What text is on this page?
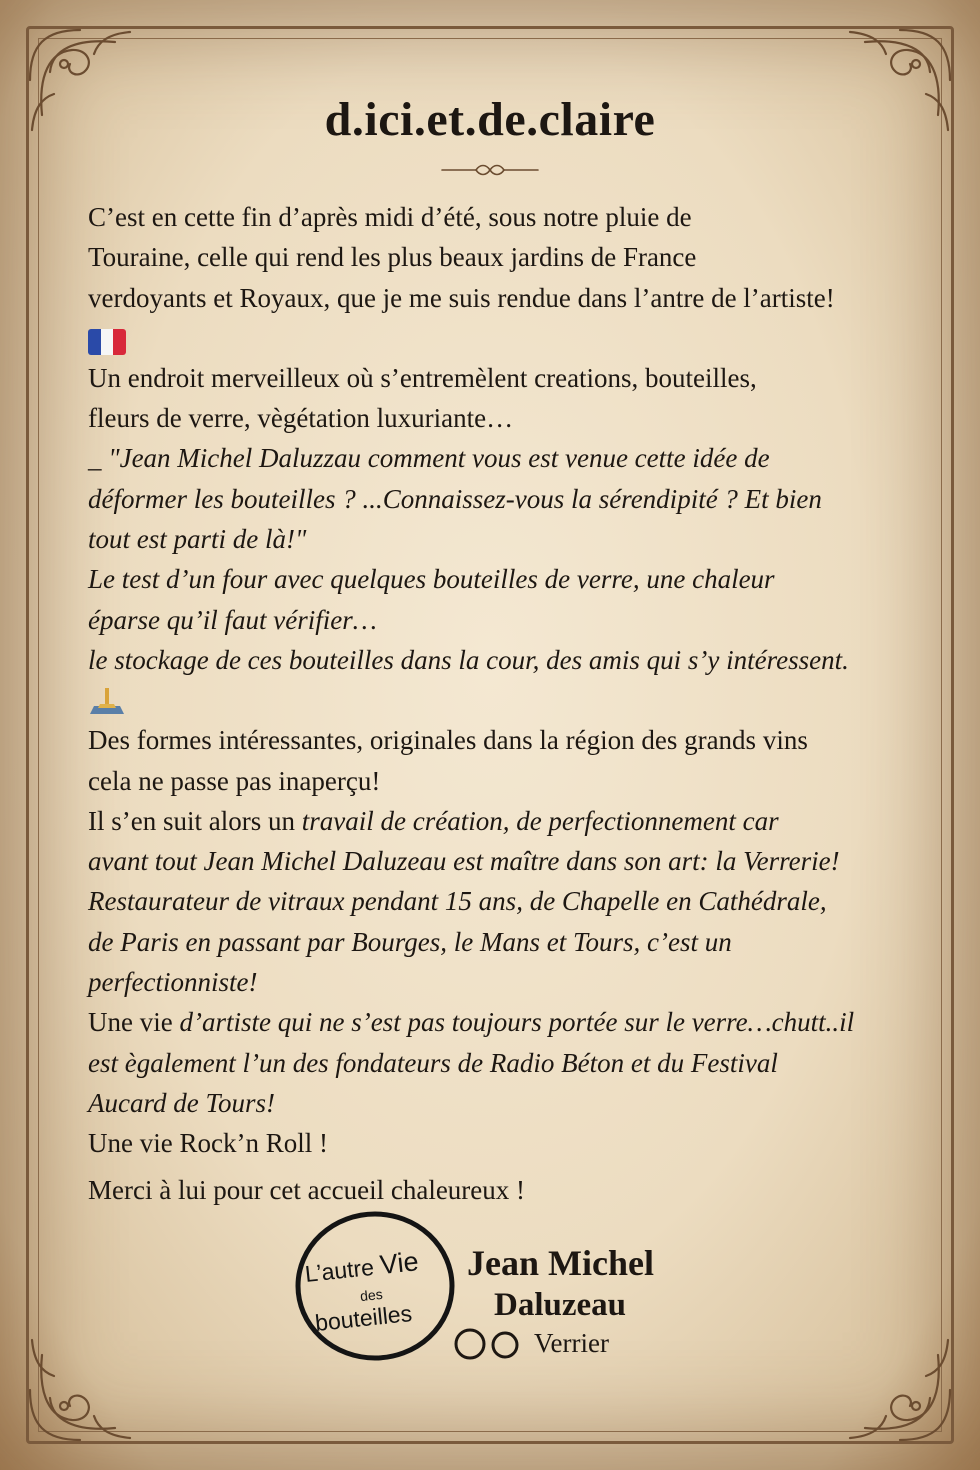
d.ici.et.de.claire

C’est en cette fin d’après midi d’été, sous notre pluie de

Touraine, celle qui rend les plus beaux jardins de France

verdoyants et Royaux, que je me suis rendue dans l’antre de l’artiste!

Un endroit merveilleux où s’entremèlent creations, bouteilles,

fleurs de verre, vègétation luxuriante…

_ "Jean Michel Daluzzau comment vous est venue cette idée de

déformer les bouteilles ? ...Connaissez-vous la sérendipité ? Et bien

tout est parti de là!"

Le test d’un four avec quelques bouteilles de verre, une chaleur

éparse qu’il faut vérifier…

le stockage de ces bouteilles dans la cour, des amis qui s’y intéressent.

Des formes intéressantes, originales dans la région des grands vins

cela ne passe pas inaperçu!

Il s’en suit alors un travail de création, de perfectionnement car

avant tout Jean Michel Daluzeau est maître dans son art: la Verrerie!

Restaurateur de vitraux pendant 15 ans, de Chapelle en Cathédrale,

de Paris en passant par Bourges, le Mans et Tours, c’est un

perfectionniste!

Une vie d’artiste qui ne s’est pas toujours portée sur le verre…chutt..il

est ègalement l’un des fondateurs de Radio Béton et du Festival

Aucard de Tours!

Une vie Rock’n Roll !

Merci à lui pour cet accueil chaleureux !

L’autre Vie
des
bouteilles
Jean Michel
Daluzeau
Verrier
